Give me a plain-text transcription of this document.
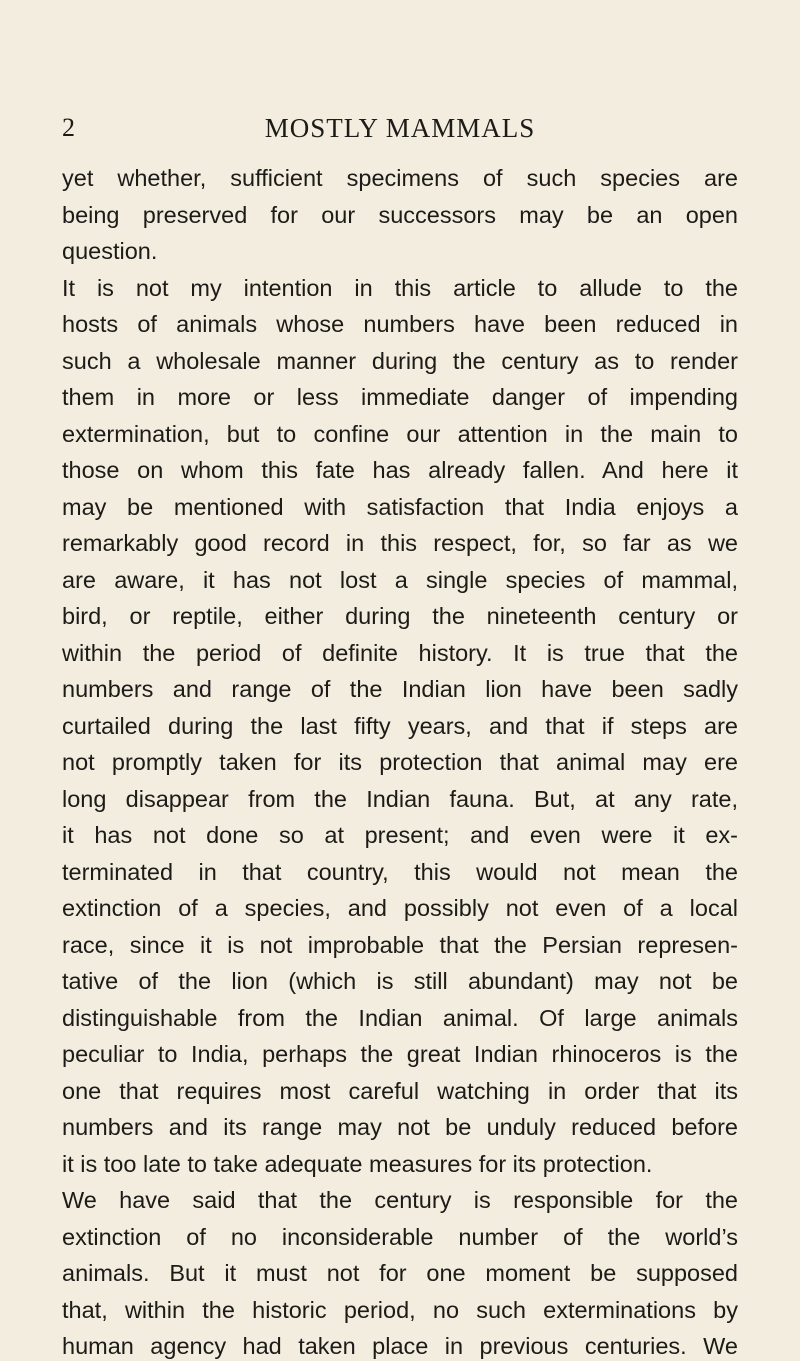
2	MOSTLY MAMMALS
yet whether, sufficient specimens of such species are
being preserved for our successors may be an open
question.
It is not my intention in this article to allude to the
hosts of animals whose numbers have been reduced in
such a wholesale manner during the century as to render
them in more or less immediate danger of impending
extermination, but to confine our attention in the main to
those on whom this fate has already fallen. And here it
may be mentioned with satisfaction that India enjoys a
remarkably good record in this respect, for, so far as we
are aware, it has not lost a single species of mammal,
bird, or reptile, either during the nineteenth century or
within the period of definite history. It is true that the
numbers and range of the Indian lion have been sadly
curtailed during the last fifty years, and that if steps are
not promptly taken for its protection that animal may ere
long disappear from the Indian fauna. But, at any rate,
it has not done so at present; and even were it ex-
terminated in that country, this would not mean the
extinction of a species, and possibly not even of a local
race, since it is not improbable that the Persian represen-
tative of the lion (which is still abundant) may not be
distinguishable from the Indian animal. Of large animals
peculiar to India, perhaps the great Indian rhinoceros is the
one that requires most careful watching in order that its
numbers and its range may not be unduly reduced before
it is too late to take adequate measures for its protection.
We have said that the century is responsible for the
extinction of no inconsiderable number of the world’s
animals. But it must not for one moment be supposed
that, within the historic period, no such exterminations by
human agency had taken place in previous centuries. We
